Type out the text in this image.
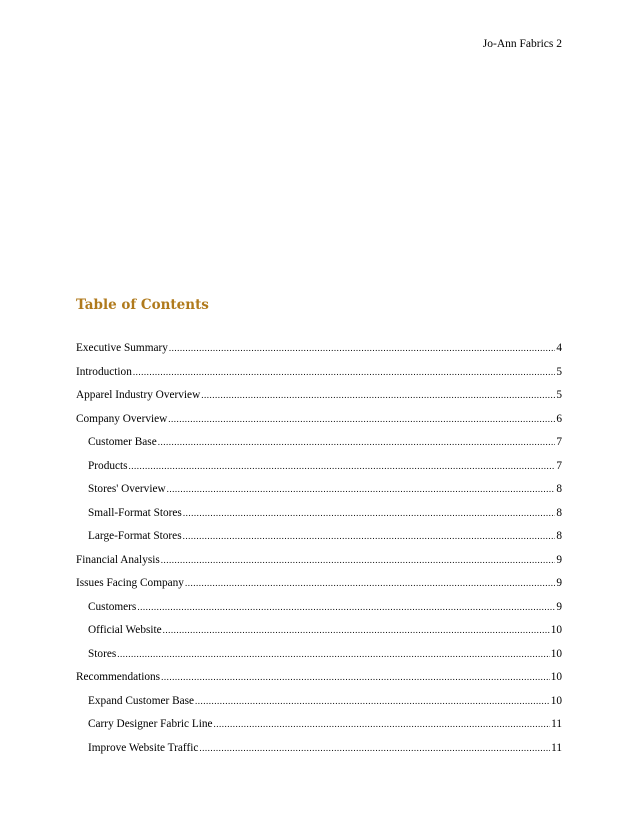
Jo-Ann Fabrics 2
Table of Contents
Executive Summary .....	4
Introduction .....	5
Apparel Industry Overview .....	5
Company Overview .....	6
Customer Base .....	7
Products .....	7
Stores' Overview .....	8
Small-Format Stores .....	8
Large-Format Stores .....	8
Financial Analysis .....	9
Issues Facing Company .....	9
Customers .....	9
Official Website .....	10
Stores .....	10
Recommendations .....	10
Expand Customer Base .....	10
Carry Designer Fabric Line .....	11
Improve Website Traffic .....	11
